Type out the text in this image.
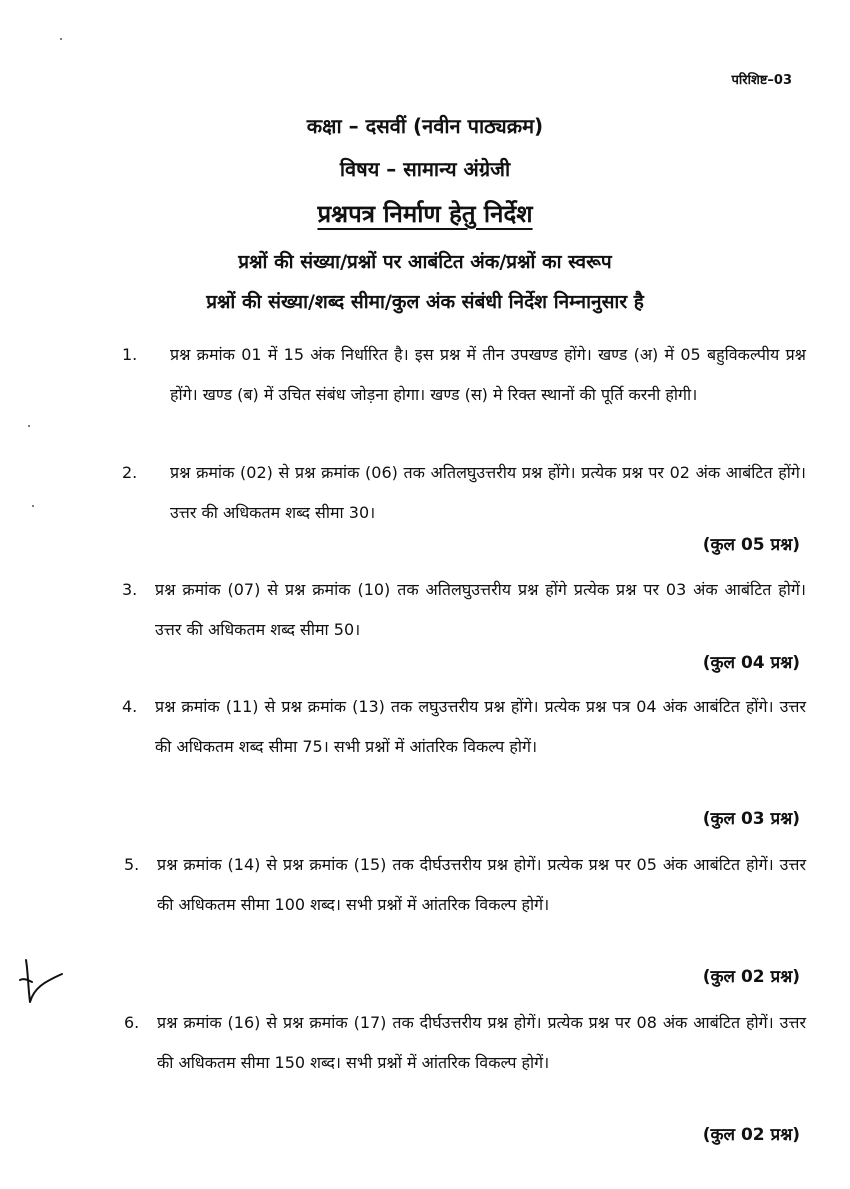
परिशिष्ट–03
कक्षा – दसवीं (नवीन पाठ्यक्रम)
विषय – सामान्य अंग्रेजी
प्रश्नपत्र निर्माण हेतु निर्देश
प्रश्नों की संख्या/प्रश्नों पर आबंटित अंक/प्रश्नों का स्वरूप
प्रश्नों की संख्या/शब्द सीमा/कुल अंक संबंधी निर्देश निम्नानुसार है
1. प्रश्न क्रमांक 01 में 15 अंक निर्धारित है। इस प्रश्न में तीन उपखण्ड होंगे। खण्ड (अ) में 05 बहुविकल्पीय प्रश्न होंगे। खण्ड (ब) में उचित संबंध जोड़ना होगा। खण्ड (स) मे रिक्त स्थानों की पूर्ति करनी होगी।
2. प्रश्न क्रमांक (02) से प्रश्न क्रमांक (06) तक अतिलघुउत्तरीय प्रश्न होंगे। प्रत्येक प्रश्न पर 02 अंक आबंटित होंगे। उत्तर की अधिकतम शब्द सीमा 30।
(कुल 05 प्रश्न)
3. प्रश्न क्रमांक (07) से प्रश्न क्रमांक (10) तक अतिलघुउत्तरीय प्रश्न होंगे प्रत्येक प्रश्न पर 03 अंक आबंटित होगें। उत्तर की अधिकतम शब्द सीमा 50।
(कुल 04 प्रश्न)
4. प्रश्न क्रमांक (11) से प्रश्न क्रमांक (13) तक लघुउत्तरीय प्रश्न होंगे। प्रत्येक प्रश्न पत्र 04 अंक आबंटित होंगे। उत्तर की अधिकतम शब्द सीमा 75। सभी प्रश्नों में आंतरिक विकल्प होगें।
(कुल 03 प्रश्न)
5. प्रश्न क्रमांक (14) से प्रश्न क्रमांक (15) तक दीर्घउत्तरीय प्रश्न होगें। प्रत्येक प्रश्न पर 05 अंक आबंटित होगें। उत्तर की अधिकतम सीमा 100 शब्द। सभी प्रश्नों में आंतरिक विकल्प होगें।
(कुल 02 प्रश्न)
6. प्रश्न क्रमांक (16) से प्रश्न क्रमांक (17) तक दीर्घउत्तरीय प्रश्न होगें। प्रत्येक प्रश्न पर 08 अंक आबंटित होगें। उत्तर की अधिकतम सीमा 150 शब्द। सभी प्रश्नों में आंतरिक विकल्प होगें।
(कुल 02 प्रश्न)
